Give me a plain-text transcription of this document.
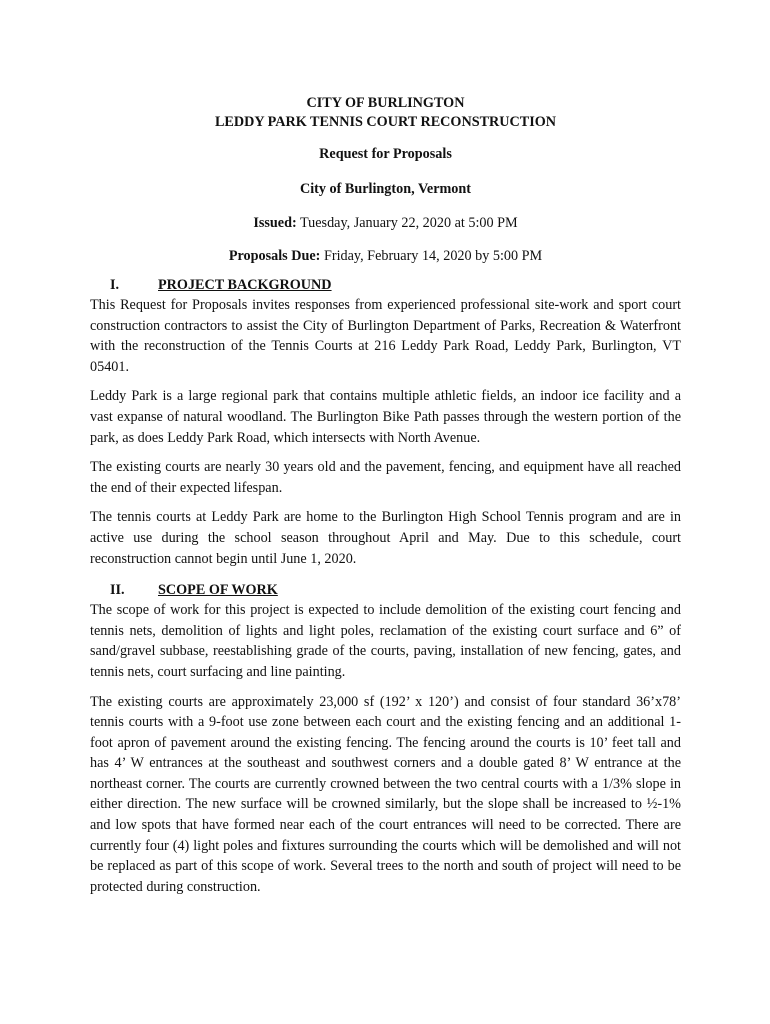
CITY OF BURLINGTON
LEDDY PARK TENNIS COURT RECONSTRUCTION
Request for Proposals
City of Burlington, Vermont

Issued: Tuesday, January 22, 2020 at 5:00 PM

Proposals Due: Friday, February 14, 2020 by 5:00 PM

I.	PROJECT BACKGROUND

This Request for Proposals invites responses from experienced professional site-work and sport court construction contractors to assist the City of Burlington Department of Parks, Recreation & Waterfront with the reconstruction of the Tennis Courts at 216 Leddy Park Road, Leddy Park, Burlington, VT 05401.

Leddy Park is a large regional park that contains multiple athletic fields, an indoor ice facility and a vast expanse of natural woodland. The Burlington Bike Path passes through the western portion of the park, as does Leddy Park Road, which intersects with North Avenue.

The existing courts are nearly 30 years old and the pavement, fencing, and equipment have all reached the end of their expected lifespan.

The tennis courts at Leddy Park are home to the Burlington High School Tennis program and are in active use during the school season throughout April and May. Due to this schedule, court reconstruction cannot begin until June 1, 2020.

II.	SCOPE OF WORK

The scope of work for this project is expected to include demolition of the existing court fencing and tennis nets, demolition of lights and light poles, reclamation of the existing court surface and 6” of sand/gravel subbase, reestablishing grade of the courts, paving, installation of new fencing, gates, and tennis nets, court surfacing and line painting.

The existing courts are approximately 23,000 sf (192’ x 120’) and consist of four standard 36’x78’ tennis courts with a 9-foot use zone between each court and the existing fencing and an additional 1-foot apron of pavement around the existing fencing. The fencing around the courts is 10’ feet tall and has 4’ W entrances at the southeast and southwest corners and a double gated 8’ W entrance at the northeast corner. The courts are currently crowned between the two central courts with a 1/3% slope in either direction. The new surface will be crowned similarly, but the slope shall be increased to ½-1% and low spots that have formed near each of the court entrances will need to be corrected. There are currently four (4) light poles and fixtures surrounding the courts which will be demolished and will not be replaced as part of this scope of work. Several trees to the north and south of project will need to be protected during construction.
